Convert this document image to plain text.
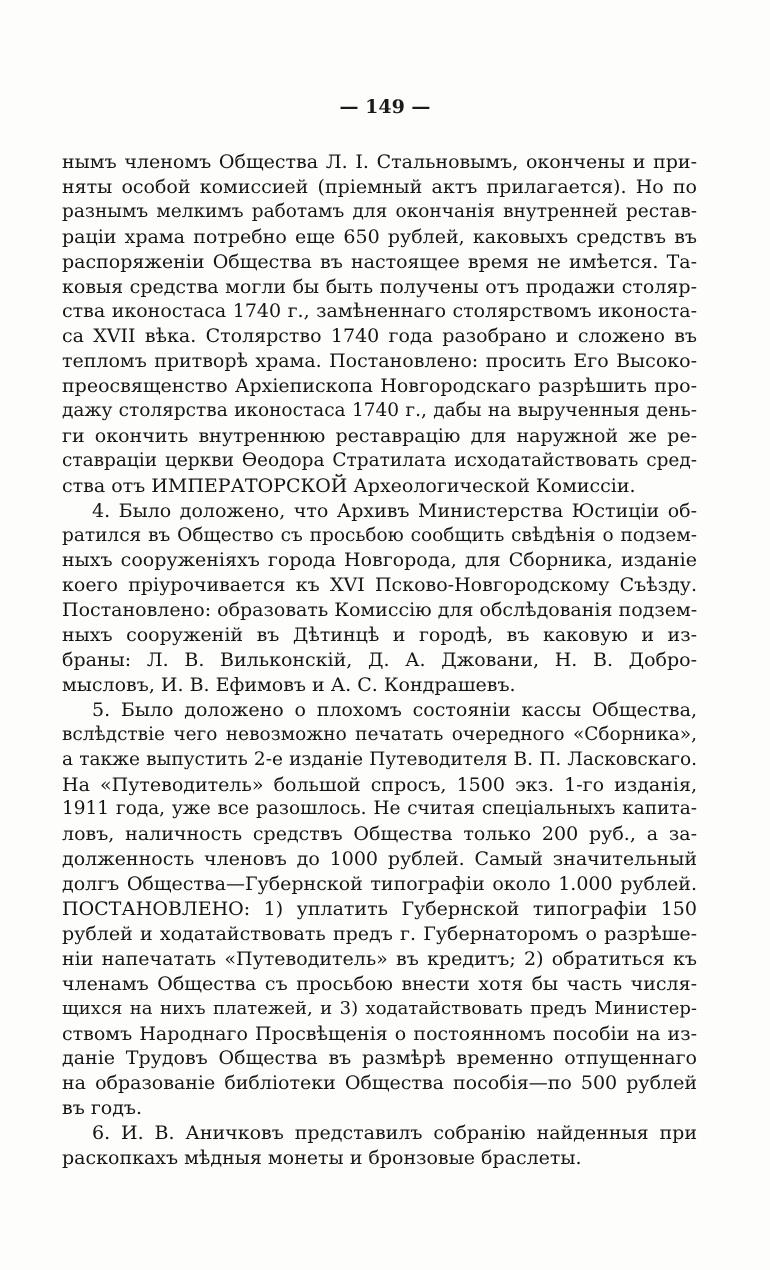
— 149 —
нымъ членомъ Общества Л. I. Стальновымъ, окончены и при-
няты особой комиссией (прiемный актъ прилагается). Но по
разнымъ мелкимъ работамъ для окончанiя внутренней рестав-
рацiи храма потребно еще 650 рублей, каковыхъ средствъ въ
распоряженiи Общества въ настоящее время не имѣется. Та-
ковыя средства могли бы быть получены отъ продажи столяр-
ства иконостаса 1740 г., замѣненнаго столярствомъ иконоста-
са XVII вѣка. Столярство 1740 года разобрано и сложено въ
тепломъ притворѣ храма. Постановлено: просить Его Высоко-
преосвященство Архiепископа Новгородскаго разрѣшить про-
дажу столярства иконостаса 1740 г., дабы на вырученныя день-
ги окончить внутреннюю реставрацiю для наружной же ре-
ставрацiи церкви Ѳеодора Стратилата исходатайствовать сред-
ства отъ ИМПЕРАТОРСКОЙ Археологической Комиссiи.
4. Было доложено, что Архивъ Министерства Юстицiи об-
ратился въ Общество съ просьбою сообщить свѣдѣнiя о подзем-
ныхъ сооруженiяхъ города Новгорода, для Сборника, изданiе
коего прiурочивается къ XVI Псково-Новгородскому Съѣзду.
Постановлено: образовать Комиссiю для обслѣдованiя подзем-
ныхъ сооруженiй въ Дѣтинцѣ и городѣ, въ каковую и из-
браны: Л. В. Вильконскiй, Д. А. Джовани, Н. В. Добро-
мысловъ, И. В. Ефимовъ и А. С. Кондрашевъ.
5. Было доложено о плохомъ состоянiи кассы Общества,
вслѣдствiе чего невозможно печатать очередного «Сборника»,
а также выпустить 2-е изданiе Путеводителя В. П. Ласковскаго.
На «Путеводитель» большой спросъ, 1500 экз. 1-го изданiя,
1911 года, уже все разошлось. Не считая спецiальныхъ капита-
ловъ, наличность средствъ Общества только 200 руб., а за-
долженность членовъ до 1000 рублей. Самый значительный
долгъ Общества—Губернской типографiи около 1.000 рублей.
ПОСТАНОВЛЕНО: 1) уплатить Губернской типографiи 150
рублей и ходатайствовать предъ г. Губернаторомъ о разрѣше-
нiи напечатать «Путеводитель» въ кредитъ; 2) обратиться къ
членамъ Общества съ просьбою внести хотя бы часть числя-
щихся на нихъ платежей, и 3) ходатайствовать предъ Министер-
ствомъ Народнаго Просвѣщенiя о постоянномъ пособiи на из-
данiе Трудовъ Общества въ размѣрѣ временно отпущеннаго
на образованiе библiотеки Общества пособiя—по 500 рублей
въ годъ.
6. И. В. Аничковъ представилъ собранiю найденныя при
раскопкахъ мѣдныя монеты и бронзовые браслеты.
